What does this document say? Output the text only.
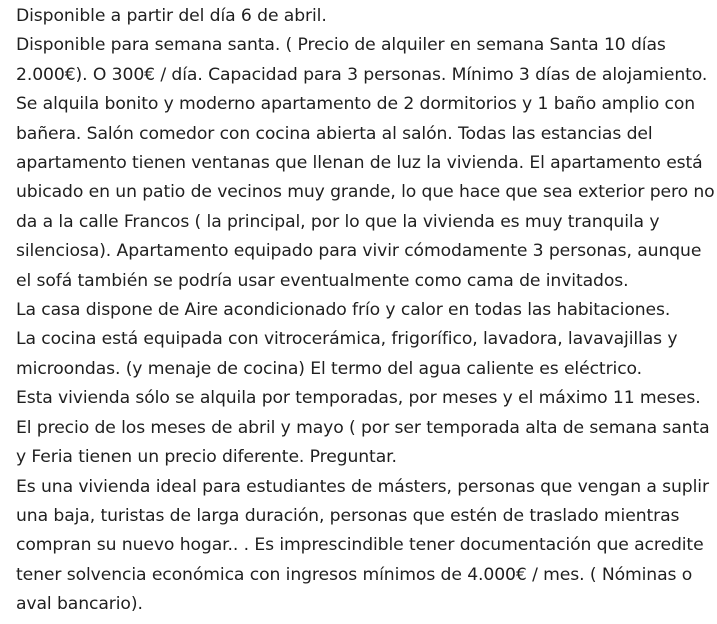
Disponible a partir del día 6 de abril.

Disponible para semana santa. ( Precio de alquiler en semana Santa 10 días 2.000€). O 300€ / día. Capacidad para 3 personas. Mínimo 3 días de alojamiento. Se alquila bonito y moderno apartamento de 2 dormitorios y 1 baño amplio con bañera. Salón comedor con cocina abierta al salón. Todas las estancias del apartamento tienen ventanas que llenan de luz la vivienda. El apartamento está ubicado en un patio de vecinos muy grande, lo que hace que sea exterior pero no da a la calle Francos ( la principal, por lo que la vivienda es muy tranquila y silenciosa). Apartamento equipado para vivir cómodamente 3 personas, aunque el sofá también se podría usar eventualmente como cama de invitados.

La casa dispone de Aire acondicionado frío y calor en todas las habitaciones.

La cocina está equipada con vitrocerámica, frigorífico, lavadora, lavavajillas y microondas. (y menaje de cocina) El termo del agua caliente es eléctrico.

Esta vivienda sólo se alquila por temporadas, por meses y el máximo 11 meses.

El precio de los meses de abril y mayo ( por ser temporada alta de semana santa y Feria tienen un precio diferente. Preguntar.

Es una vivienda ideal para estudiantes de másters, personas que vengan a suplir una baja, turistas de larga duración, personas que estén de traslado mientras compran su nuevo hogar.. . Es imprescindible tener documentación que acredite tener solvencia económica con ingresos mínimos de 4.000€ / mes. ( Nóminas o aval bancario).
